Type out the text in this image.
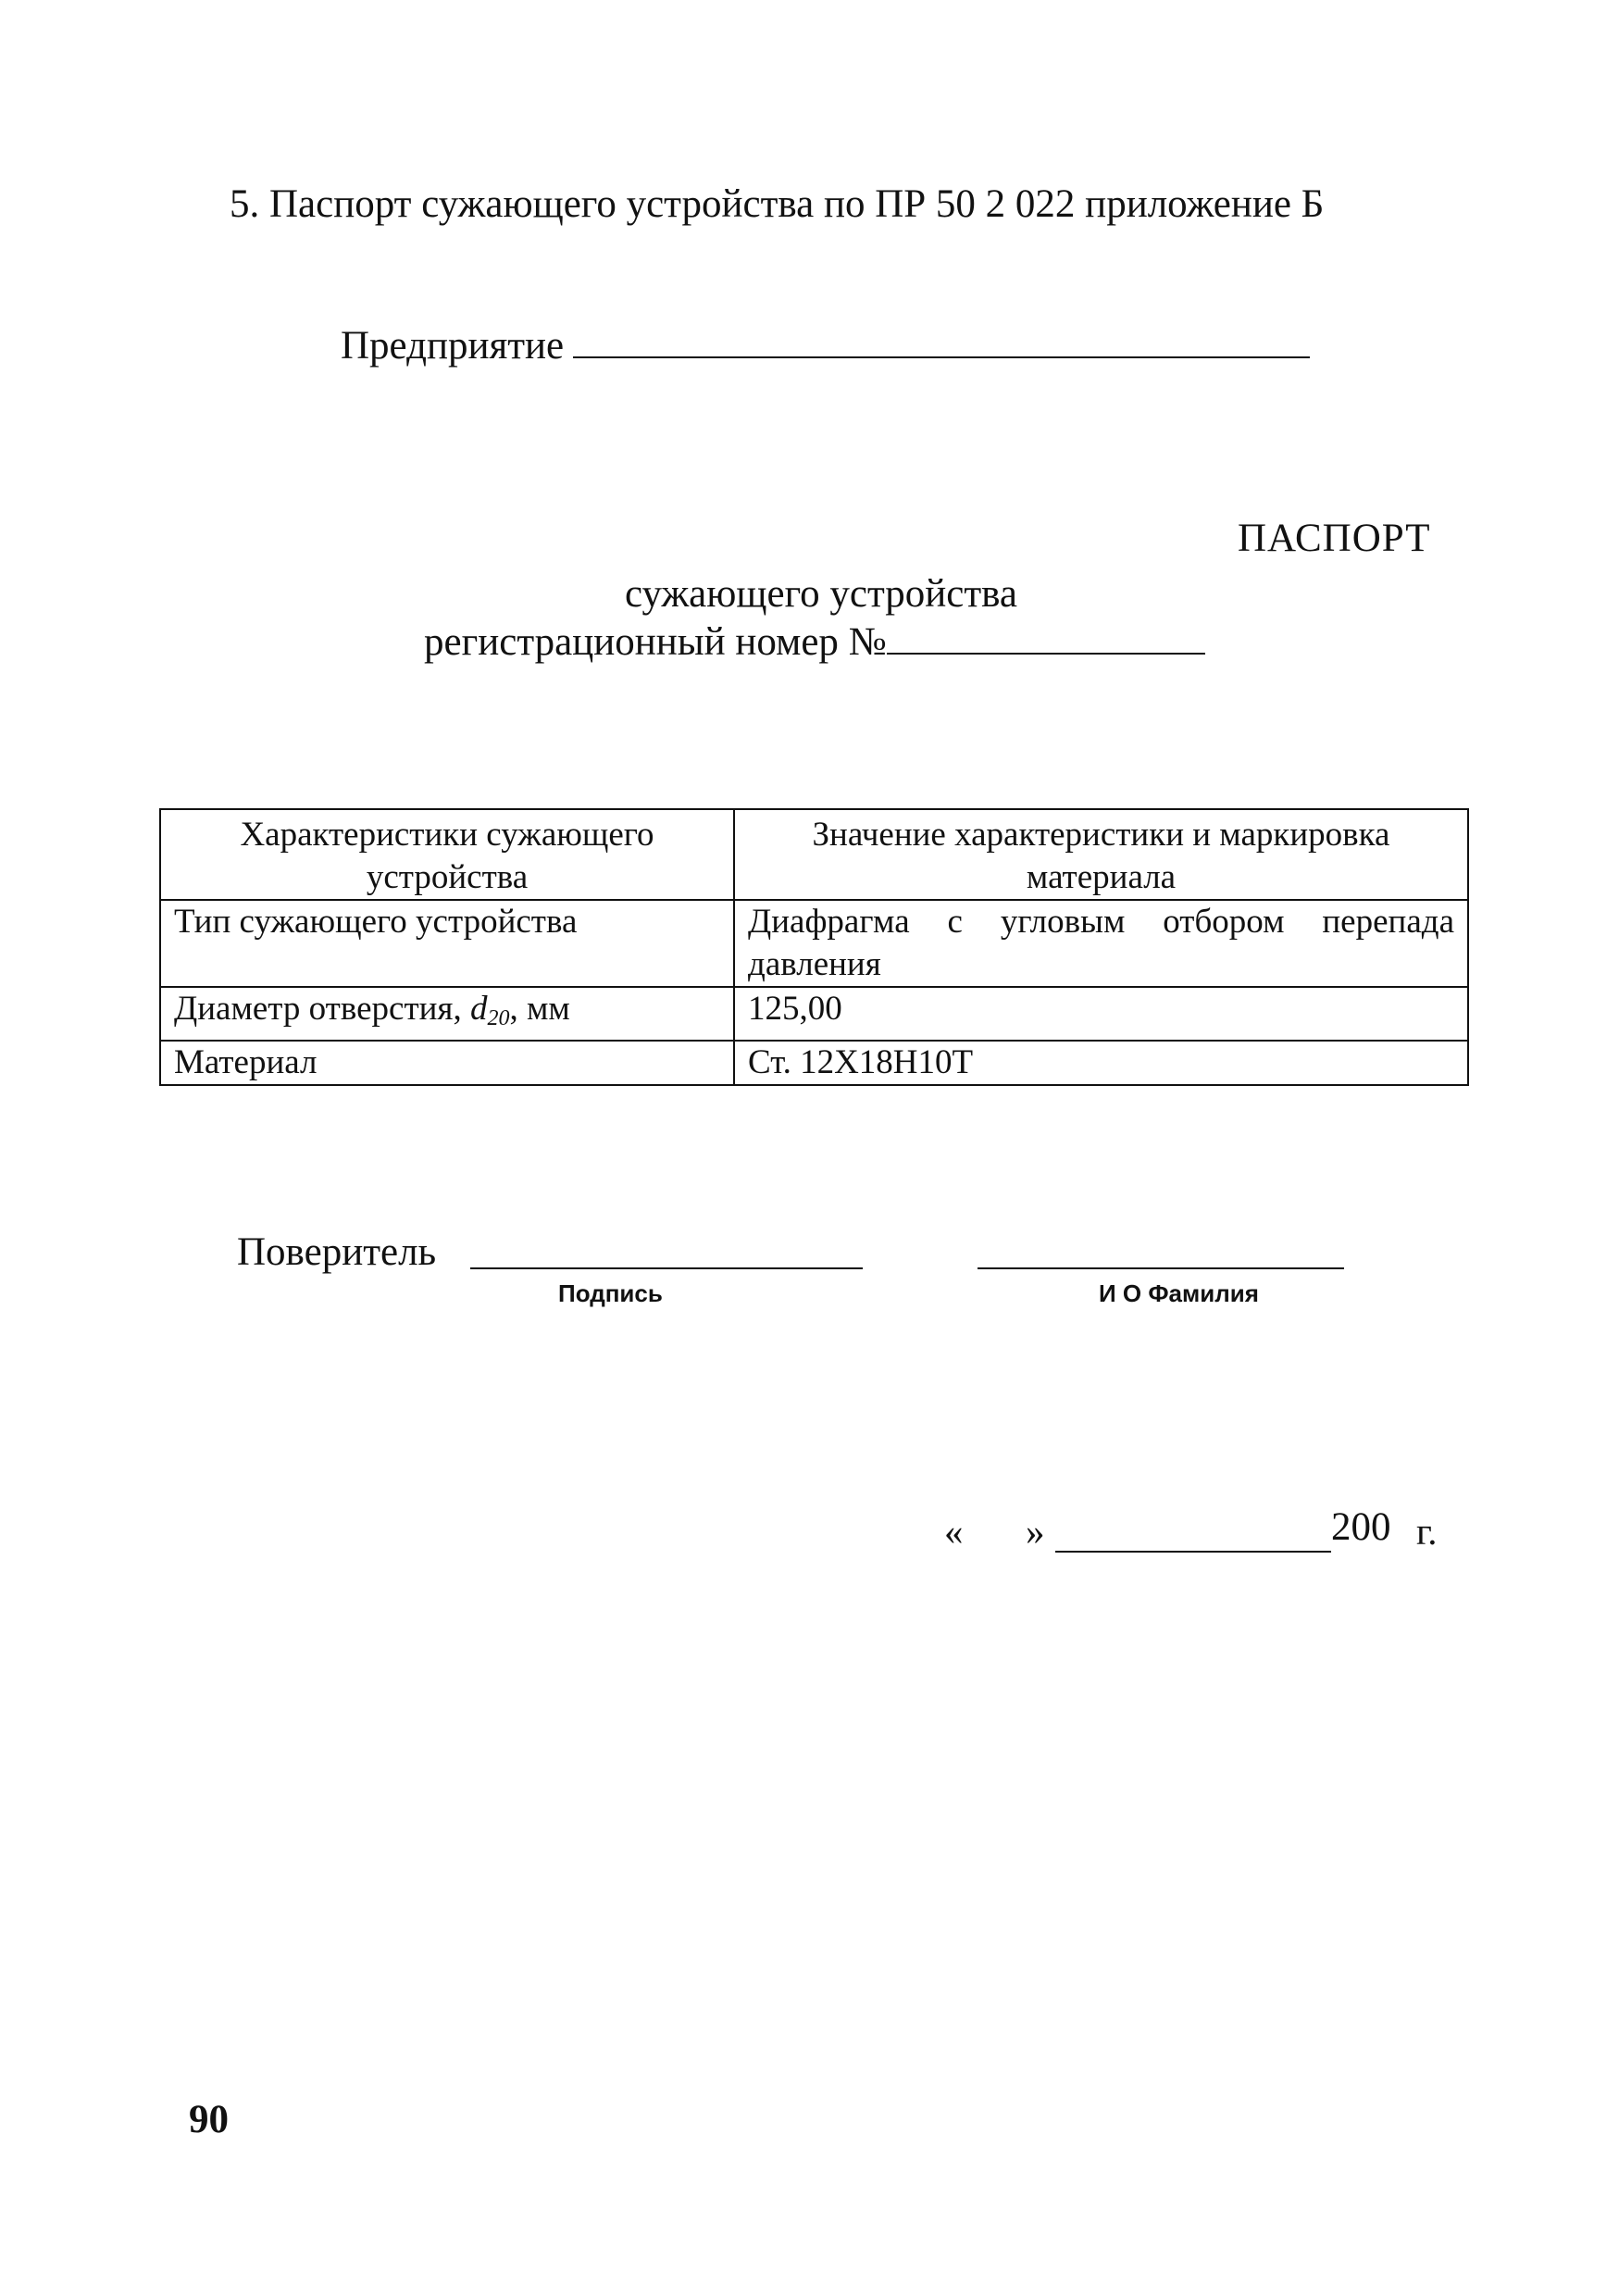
5. Паспорт сужающего устройства по ПР 50 2 022 приложение Б
Предприятие
ПАСПОРТ
сужающего устройства
регистрационный номер №
Характеристики сужающего устройства	Значение характеристики и маркировка материала
Тип сужающего устройства	Диафрагма с угловым отбором перепада давления
Диаметр отверстия, $d_{20}$, мм	125,00
Материал	Ст. 12Х18Н10Т
Поверитель
Подпись	И О Фамилия
« »	200 г.
90
